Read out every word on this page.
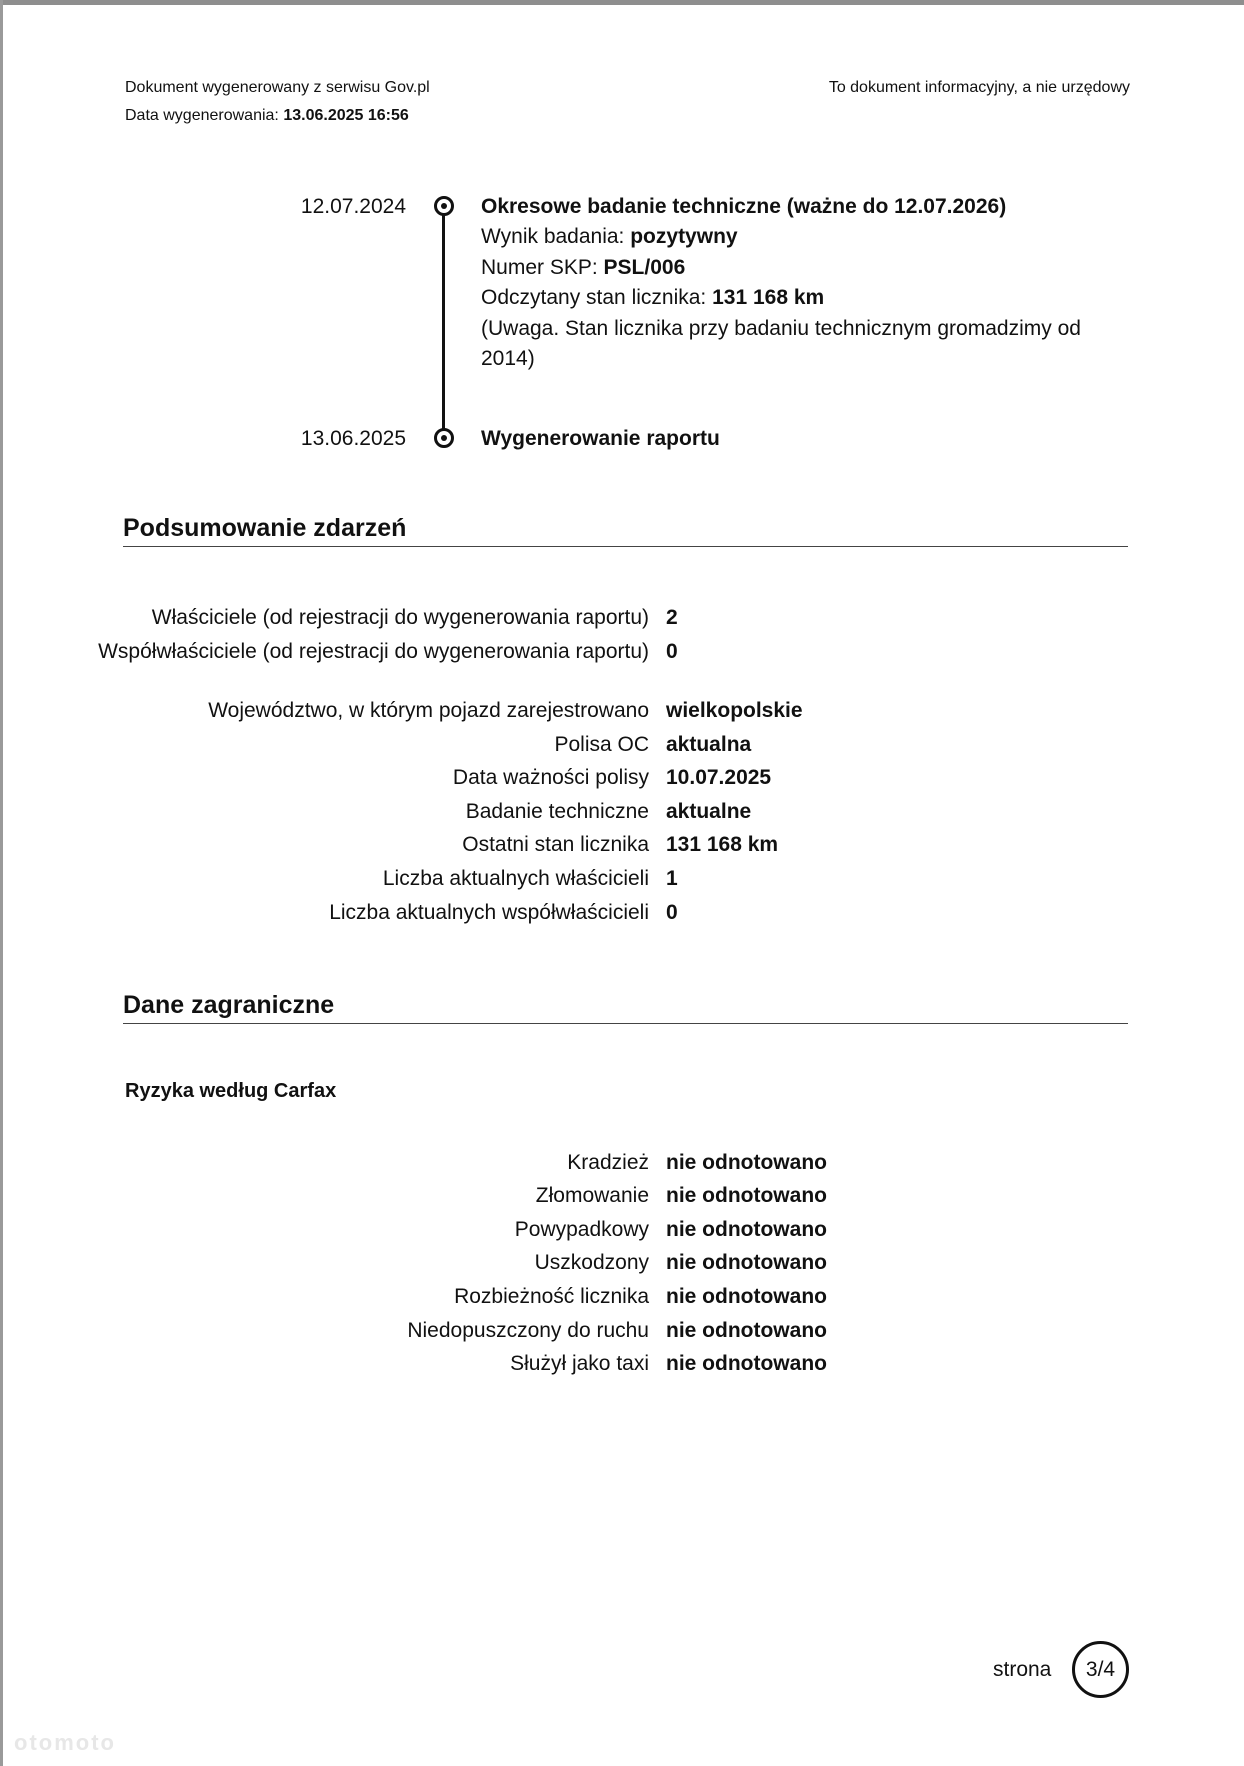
Dokument wygenerowany z serwisu Gov.pl
Data wygenerowania: 13.06.2025 16:56
To dokument informacyjny, a nie urzędowy
12.07.2024	Okresowe badanie techniczne (ważne do 12.07.2026)
Wynik badania: pozytywny
Numer SKP: PSL/006
Odczytany stan licznika: 131 168 km
(Uwaga. Stan licznika przy badaniu technicznym gromadzimy od 2014)
13.06.2025	Wygenerowanie raportu
Podsumowanie zdarzeń
Właściciele (od rejestracji do wygenerowania raportu) 2
Współwłaściciele (od rejestracji do wygenerowania raportu) 0
Województwo, w którym pojazd zarejestrowano wielkopolskie
Polisa OC aktualna
Data ważności polisy 10.07.2025
Badanie techniczne aktualne
Ostatni stan licznika 131 168 km
Liczba aktualnych właścicieli 1
Liczba aktualnych współwłaścicieli 0
Dane zagraniczne
Ryzyka według Carfax
Kradzież nie odnotowano
Złomowanie nie odnotowano
Powypadkowy nie odnotowano
Uszkodzony nie odnotowano
Rozbieżność licznika nie odnotowano
Niedopuszczony do ruchu nie odnotowano
Służył jako taxi nie odnotowano
strona 3/4
otomoto
